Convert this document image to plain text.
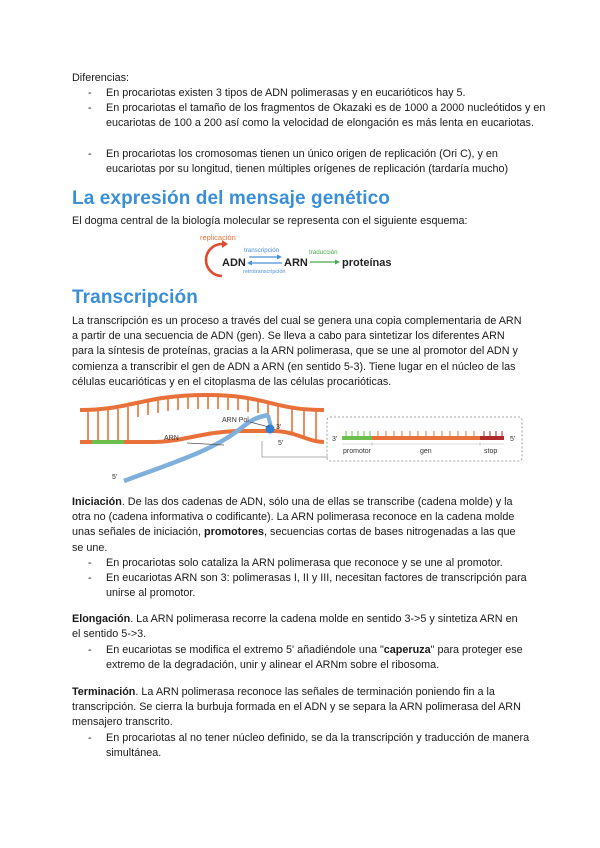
Diferencias:

- En procariotas existen 3 tipos de ADN polimerasas y en eucarióticos hay 5.
- En procariotas el tamaño de los fragmentos de Okazaki es de 1000 a 2000 nucleótidos y en eucariotas de 100 a 200 así como la velocidad de elongación es más lenta en eucariotas.
- En procariotas los cromosomas tienen un único origen de replicación (Ori C), y en eucariotas por su longitud, tienen múltiples orígenes de replicación (tardaría mucho)
La expresión del mensaje genético

El dogma central de la biología molecular se representa con el siguiente esquema:

replicación
ADN
transcripción
retrotranscripción
ARN
traducción
proteínas
Transcripción

La transcripción es un proceso a través del cual se genera una copia complementaria de ARN a partir de una secuencia de ADN (gen). Se lleva a cabo para sintetizar los diferentes ARN para la síntesis de proteínas, gracias a la ARN polimerasa, que se une al promotor del ADN y comienza a transcribir el gen de ADN a ARN (en sentido 5-3). Tiene lugar en el núcleo de las células eucarióticas y en el citoplasma de las células procarióticas.

ARN Pol
ARN
3'
5'
5'
3'	5'
promotor	gen	stop

Iniciación. De las dos cadenas de ADN, sólo una de ellas se transcribe (cadena molde) y la otra no (cadena informativa o codificante). La ARN polimerasa reconoce en la cadena molde unas señales de iniciación, promotores, secuencias cortas de bases nitrogenadas a las que se une.

- En procariotas solo cataliza la ARN polimerasa que reconoce y se une al promotor.
- En eucariotas ARN son 3: polimerasas I, II y III, necesitan factores de transcripción para unirse al promotor.

Elongación. La ARN polimerasa recorre la cadena molde en sentido 3->5 y sintetiza ARN en el sentido 5->3.

- En eucariotas se modifica el extremo 5' añadiéndole una "caperuza" para proteger ese extremo de la degradación, unir y alinear el ARNm sobre el ribosoma.

Terminación. La ARN polimerasa reconoce las señales de terminación poniendo fin a la transcripción. Se cierra la burbuja formada en el ADN y se separa la ARN polimerasa del ARN mensajero transcrito.

- En procariotas al no tener núcleo definido, se da la transcripción y traducción de manera simultánea.
